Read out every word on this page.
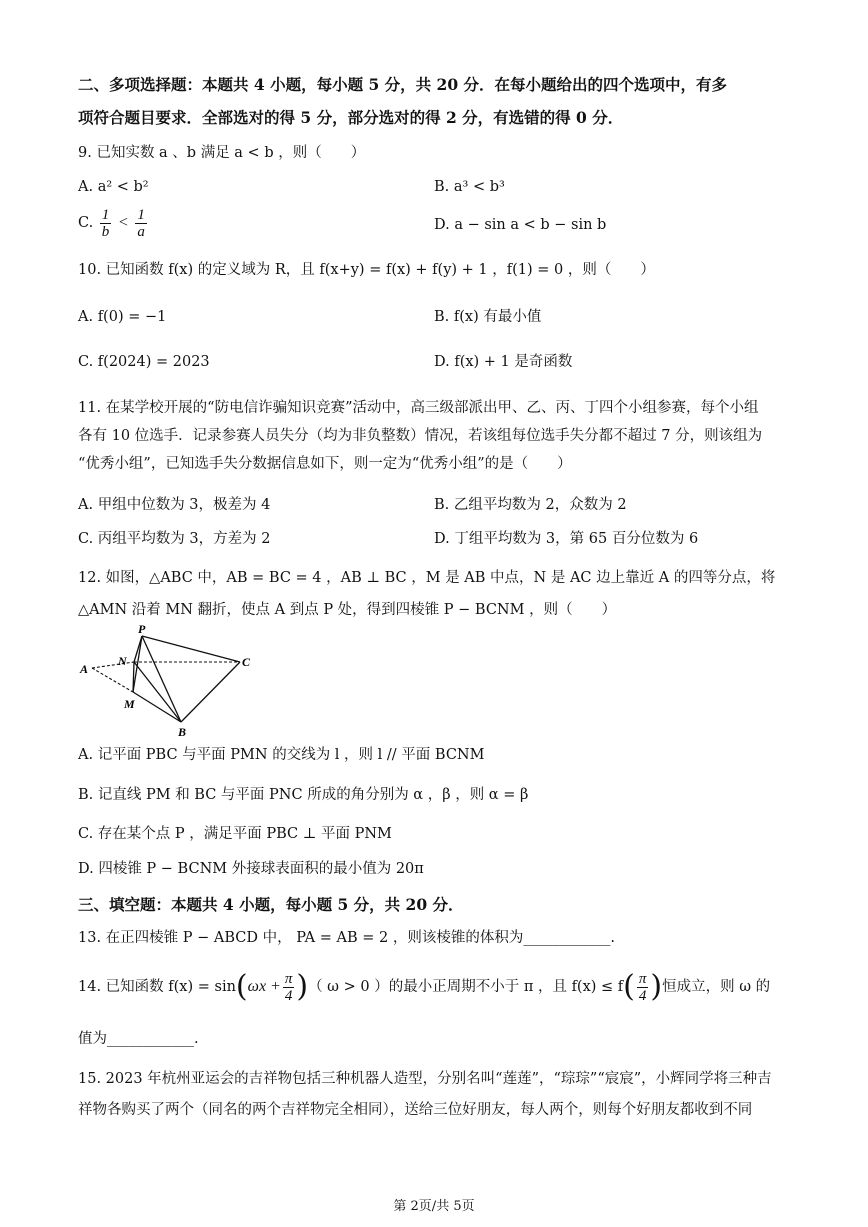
二、多项选择题：本题共 4 小题，每小题 5 分，共 20 分．在每小题给出的四个选项中，有多
项符合题目要求．全部选对的得 5 分，部分选对的得 2 分，有选错的得 0 分．
9. 已知实数 a 、b 满足 a < b ，则（　　）
A. a² < b²	B. a³ < b³
C. $\frac{1}{b} < \frac{1}{a}$	D. a − sin a < b − sin b
10. 已知函数 f(x) 的定义域为 R，且 f(x+y) = f(x) + f(y) + 1 ，f(1) = 0 ，则（　　）
A. f(0) = −1	B. f(x) 有最小值
C. f(2024) = 2023	D. f(x) + 1 是奇函数
11. 在某学校开展的“防电信诈骗知识竞赛”活动中，高三级部派出甲、乙、丙、丁四个小组参赛，每个小组
各有 10 位选手．记录参赛人员失分（均为非负整数）情况，若该组每位选手失分都不超过 7 分，则该组为
“优秀小组”，已知选手失分数据信息如下，则一定为“优秀小组”的是（　　）
A. 甲组中位数为 3，极差为 4	B. 乙组平均数为 2，众数为 2
C. 丙组平均数为 3，方差为 2	D. 丁组平均数为 3，第 65 百分位数为 6
12. 如图，△ABC 中，AB = BC = 4 ，AB ⊥ BC ，M 是 AB 中点，N 是 AC 边上靠近 A 的四等分点，将
△AMN 沿着 MN 翻折，使点 A 到点 P 处，得到四棱锥 P − BCNM ，则（　　）
P
A
N	C
M
B
A. 记平面 PBC 与平面 PMN 的交线为 l ，则 l // 平面 BCNM
B. 记直线 PM 和 BC 与平面 PNC 所成的角分别为 α ，β ，则 α = β
C. 存在某个点 P ，满足平面 PBC ⊥ 平面 PNM
D. 四棱锥 P − BCNM 外接球表面积的最小值为 20π
三、填空题：本题共 4 小题，每小题 5 分，共 20 分．
13. 在正四棱锥 P − ABCD 中， PA = AB = 2 ，则该棱锥的体积为____________.
14. 已知函数 $f(x) = \sin(\omega x + \frac{\pi}{4}$ )（ ω > 0 ）的最小正周期不小于 π ，且 $f(x) \le f( \frac{\pi}{4}$ )恒成立，则 ω 的
值为____________.
15. 2023 年杭州亚运会的吉祥物包括三种机器人造型，分别名叫“莲莲”，“琮琮”“宸宸”，小辉同学将三种吉
祥物各购买了两个（同名的两个吉祥物完全相同），送给三位好朋友，每人两个，则每个好朋友都收到不同
第 2页/共 5页
